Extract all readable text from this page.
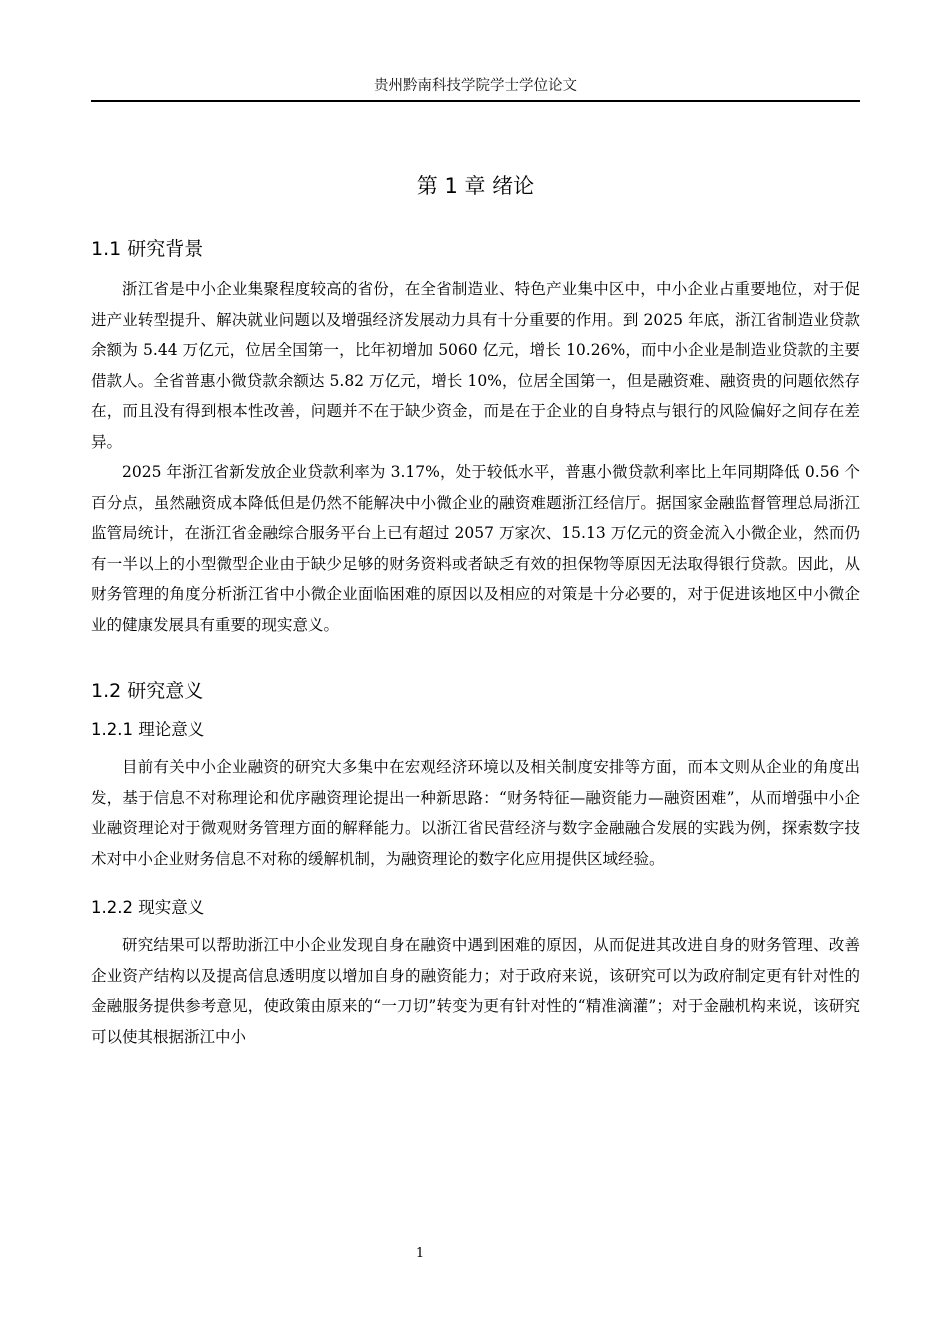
贵州黔南科技学院学士学位论文
第 1 章 绪论
1.1 研究背景

浙江省是中小企业集聚程度较高的省份，在全省制造业、特色产业集中区中，中小企业占重要地位，对于促进产业转型提升、解决就业问题以及增强经济发展动力具有十分重要的作用。到 2025 年底，浙江省制造业贷款余额为 5.44 万亿元，位居全国第一，比年初增加 5060 亿元，增长 10.26%，而中小企业是制造业贷款的主要借款人。全省普惠小微贷款余额达 5.82 万亿元，增长 10%，位居全国第一，但是融资难、融资贵的问题依然存在，而且没有得到根本性改善，问题并不在于缺少资金，而是在于企业的自身特点与银行的风险偏好之间存在差异。

2025 年浙江省新发放企业贷款利率为 3.17%，处于较低水平，普惠小微贷款利率比上年同期降低 0.56 个百分点，虽然融资成本降低但是仍然不能解决中小微企业的融资难题浙江经信厅。据国家金融监督管理总局浙江监管局统计，在浙江省金融综合服务平台上已有超过 2057 万家次、15.13 万亿元的资金流入小微企业，然而仍有一半以上的小型微型企业由于缺少足够的财务资料或者缺乏有效的担保物等原因无法取得银行贷款。因此，从财务管理的角度分析浙江省中小微企业面临困难的原因以及相应的对策是十分必要的，对于促进该地区中小微企业的健康发展具有重要的现实意义。

1.2 研究意义
1.2.1 理论意义

目前有关中小企业融资的研究大多集中在宏观经济环境以及相关制度安排等方面，而本文则从企业的角度出发，基于信息不对称理论和优序融资理论提出一种新思路：“财务特征—融资能力—融资困难”，从而增强中小企业融资理论对于微观财务管理方面的解释能力。以浙江省民营经济与数字金融融合发展的实践为例，探索数字技术对中小企业财务信息不对称的缓解机制，为融资理论的数字化应用提供区域经验。

1.2.2 现实意义

研究结果可以帮助浙江中小企业发现自身在融资中遇到困难的原因，从而促进其改进自身的财务管理、改善企业资产结构以及提高信息透明度以增加自身的融资能力；对于政府来说，该研究可以为政府制定更有针对性的金融服务提供参考意见，使政策由原来的“一刀切”转变为更有针对性的“精准滴灌”；对于金融机构来说，该研究可以使其根据浙江中小

1
